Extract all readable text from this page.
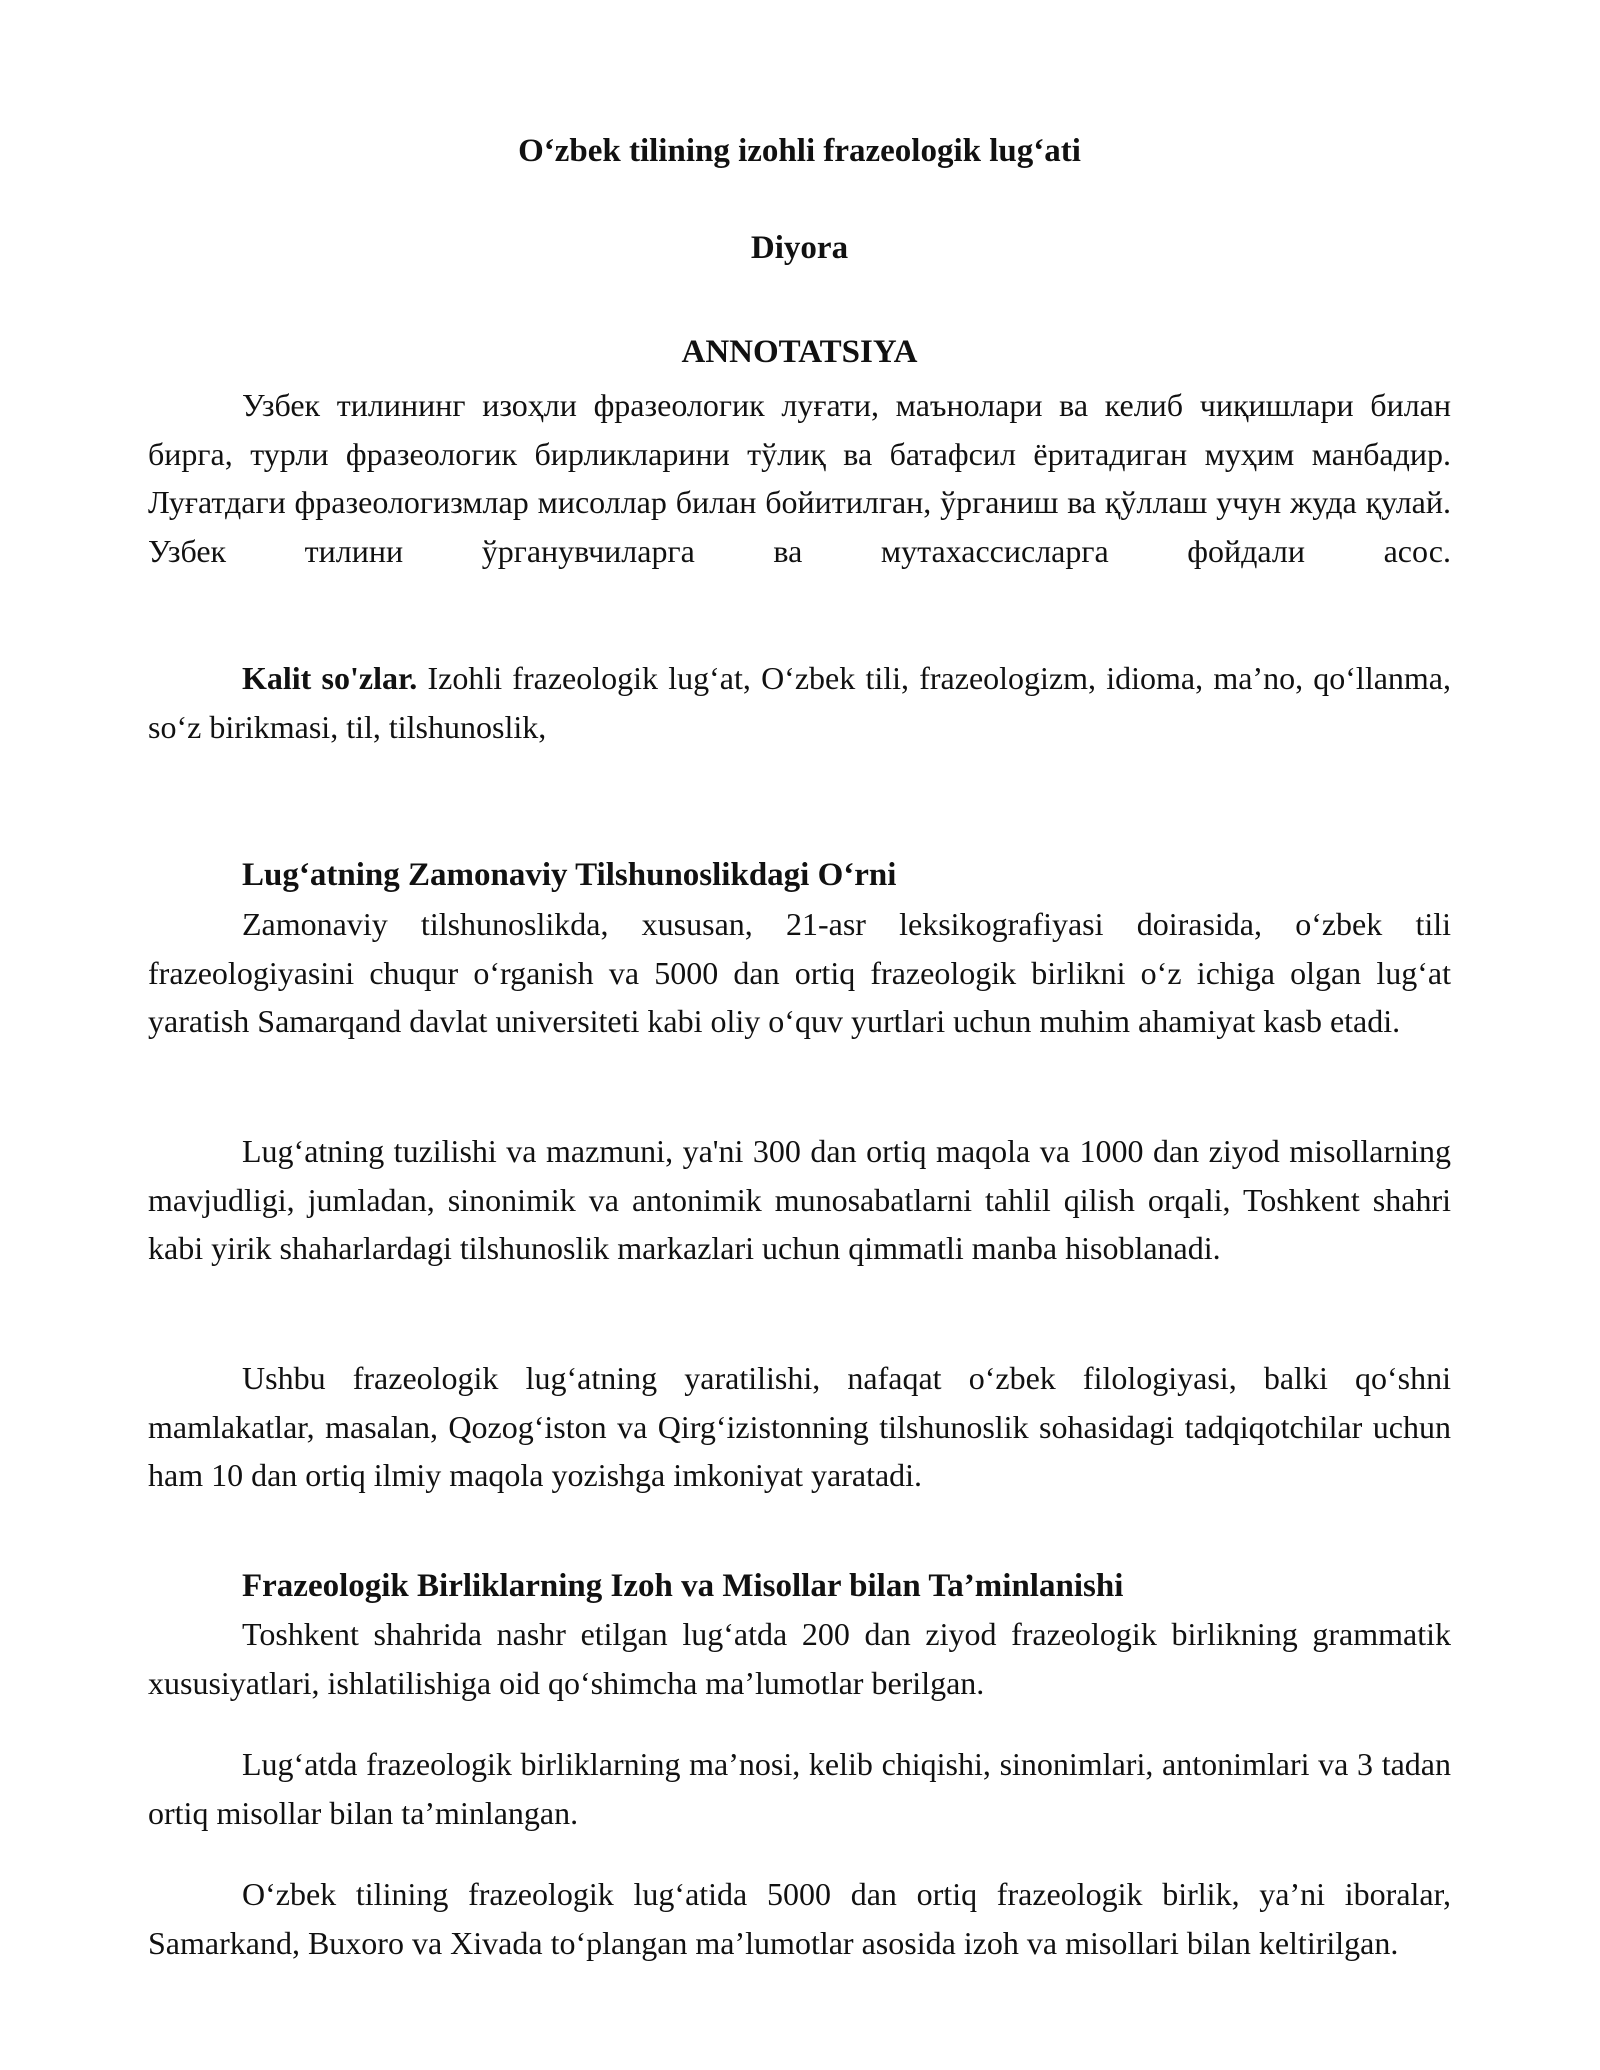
O‘zbek tilining izohli frazeologik lug‘ati

Diyora

ANNOTATSIYA

Узбек тилининг изоҳли фразеологик луғати, маънолари ва келиб чиқишлари билан бирга, турли фразеологик бирликларини тўлиқ ва батафсил ёритадиган муҳим манбадир. Луғатдаги фразеологизмлар мисоллар билан бойитилган, ўрганиш ва қўллаш учун жуда қулай. Узбек тилини ўрганувчиларга ва мутахассисларга фойдали асос.

Kalit so'zlar. Izohli frazeologik lug‘at, O‘zbek tili, frazeologizm, idioma, ma’no, qo‘llanma, so‘z birikmasi, til, tilshunoslik,

Lug‘atning Zamonaviy Tilshunoslikdagi O‘rni

Zamonaviy tilshunoslikda, xususan, 21-asr leksikografiyasi doirasida, o‘zbek tili frazeologiyasini chuqur o‘rganish va 5000 dan ortiq frazeologik birlikni o‘z ichiga olgan lug‘at yaratish Samarqand davlat universiteti kabi oliy o‘quv yurtlari uchun muhim ahamiyat kasb etadi.

Lug‘atning tuzilishi va mazmuni, ya'ni 300 dan ortiq maqola va 1000 dan ziyod misollarning mavjudligi, jumladan, sinonimik va antonimik munosabatlarni tahlil qilish orqali, Toshkent shahri kabi yirik shaharlardagi tilshunoslik markazlari uchun qimmatli manba hisoblanadi.

Ushbu frazeologik lug‘atning yaratilishi, nafaqat o‘zbek filologiyasi, balki qo‘shni mamlakatlar, masalan, Qozog‘iston va Qirg‘izistonning tilshunoslik sohasidagi tadqiqotchilar uchun ham 10 dan ortiq ilmiy maqola yozishga imkoniyat yaratadi.

Frazeologik Birliklarning Izoh va Misollar bilan Ta’minlanishi

Toshkent shahrida nashr etilgan lug‘atda 200 dan ziyod frazeologik birlikning grammatik xususiyatlari, ishlatilishiga oid qo‘shimcha ma’lumotlar berilgan.

Lug‘atda frazeologik birliklarning ma’nosi, kelib chiqishi, sinonimlari, antonimlari va 3 tadan ortiq misollar bilan ta’minlangan.

O‘zbek tilining frazeologik lug‘atida 5000 dan ortiq frazeologik birlik, ya’ni iboralar, Samarkand, Buxoro va Xivada to‘plangan ma’lumotlar asosida izoh va misollari bilan keltirilgan.
